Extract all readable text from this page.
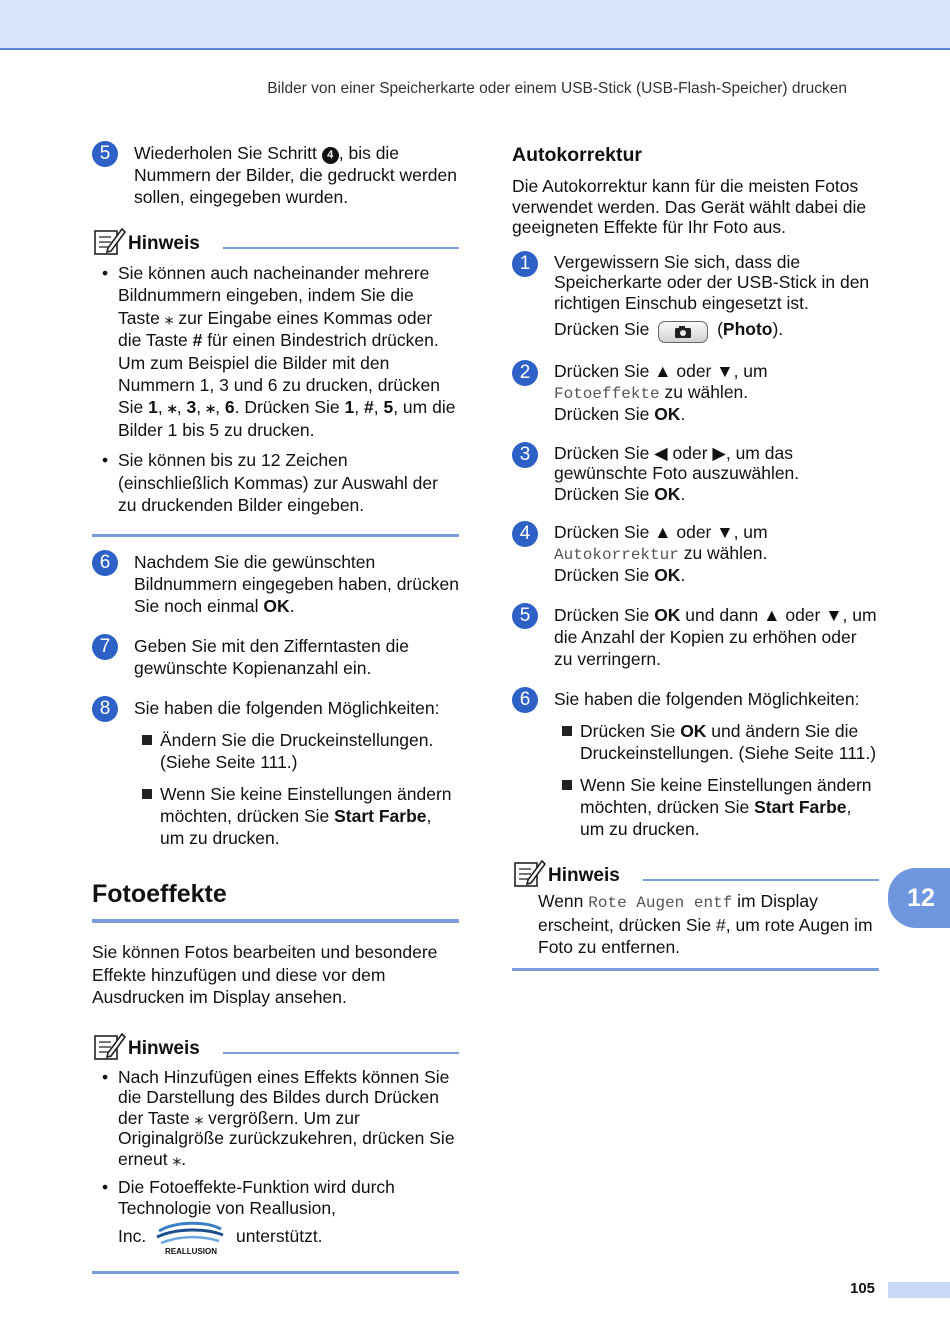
Bilder von einer Speicherkarte oder einem USB-Stick (USB-Flash-Speicher) drucken
5	Wiederholen Sie Schritt 4 , bis die Nummern der Bilder, die gedruckt werden sollen, eingegeben wurden.

Hinweis
• Sie können auch nacheinander mehrere Bildnummern eingeben, indem Sie die Taste ⁎ zur Eingabe eines Kommas oder die Taste # für einen Bindestrich drücken. Um zum Beispiel die Bilder mit den Nummern 1, 3 und 6 zu drucken, drücken Sie 1, ⁎, 3, ⁎, 6. Drücken Sie 1, #, 5, um die Bilder 1 bis 5 zu drucken.
• Sie können bis zu 12 Zeichen (einschließlich Kommas) zur Auswahl der zu druckenden Bilder eingeben.
6	Nachdem Sie die gewünschten Bildnummern eingegeben haben, drücken Sie noch einmal OK.

7	Geben Sie mit den Zifferntasten die gewünschte Kopienanzahl ein.

8	Sie haben die folgenden Möglichkeiten:

Ändern Sie die Druckeinstellungen. (Siehe Seite 111.)
Wenn Sie keine Einstellungen ändern möchten, drücken Sie Start Farbe, um zu drucken.
Fotoeffekte

Sie können Fotos bearbeiten und besondere Effekte hinzufügen und diese vor dem Ausdrucken im Display ansehen.

Hinweis
• Nach Hinzufügen eines Effekts können Sie die Darstellung des Bildes durch Drücken der Taste ⁎ vergrößern. Um zur Originalgröße zurückzukehren, drücken Sie erneut ⁎.
• Die Fotoeffekte-Funktion wird durch Technologie von Reallusion,
Inc.
REALLUSION
unterstützt.
Autokorrektur

Die Autokorrektur kann für die meisten Fotos verwendet werden. Das Gerät wählt dabei die geeigneten Effekte für Ihr Foto aus.

1	Vergewissern Sie sich, dass die Speicherkarte oder der USB-Stick in den richtigen Einschub eingesetzt ist.

Drücken Sie	(Photo).

2	Drücken Sie ▲ oder ▼, um
Fotoeffekte zu wählen.
Drücken Sie OK.

3	Drücken Sie ◀ oder ▶, um das gewünschte Foto auszuwählen.
Drücken Sie OK.

4	Drücken Sie ▲ oder ▼, um
Autokorrektur zu wählen.
Drücken Sie OK.

5	Drücken Sie OK und dann ▲ oder ▼, um die Anzahl der Kopien zu erhöhen oder zu verringern.

6	Sie haben die folgenden Möglichkeiten:

Drücken Sie OK und ändern Sie die Druckeinstellungen. (Siehe Seite 111.)
Wenn Sie keine Einstellungen ändern möchten, drücken Sie Start Farbe, um zu drucken.
Hinweis

Wenn Rote Augen entf im Display erscheint, drücken Sie #, um rote Augen im Foto zu entfernen.

12
105
